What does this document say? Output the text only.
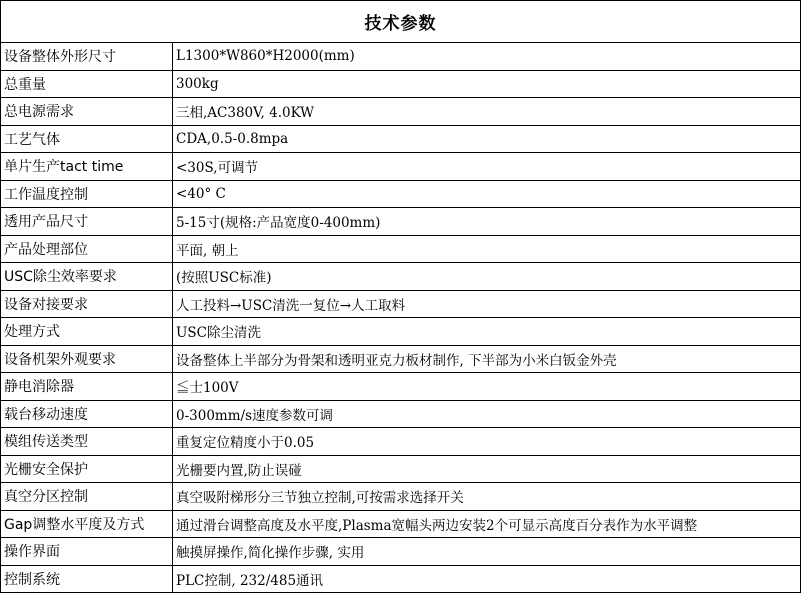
技术参数	
设备整体外形尺寸	L1300*W860*H2000(mm)
总重量	300kg
总电源需求	三相,AC380V, 4.0KW
工艺气体	CDA,0.5-0.8mpa
单片生产tact time	<30S,可调节
工作温度控制	<40° C
透用产品尺寸	5-15寸(规格:产品宽度0-400mm)
产品处理部位	平面, 朝上
USC除尘效率要求	(按照USC标准)
设备对接要求	人工投料→USC清洗一复位→人工取料
处理方式	USC除尘清洗
设备机架外观要求	设备整体上半部分为骨架和透明亚克力板材制作, 下半部为小米白钣金外壳
静电消除器	≦士100V
载台移动速度	0-300mm/s速度参数可调
模组传送类型	重复定位精度小于0.05
光栅安全保护	光栅要内置,防止误碰
真空分区控制	真空吸附梯形分三节独立控制,可按需求选择开关
Gap调整水平度及方式	通过滑台调整高度及水平度,Plasma宽幅头两边安装2个可显示高度百分表作为水平调整
操作界面	触摸屏操作,简化操作步骤, 实用
控制系统	PLC控制, 232/485通讯
